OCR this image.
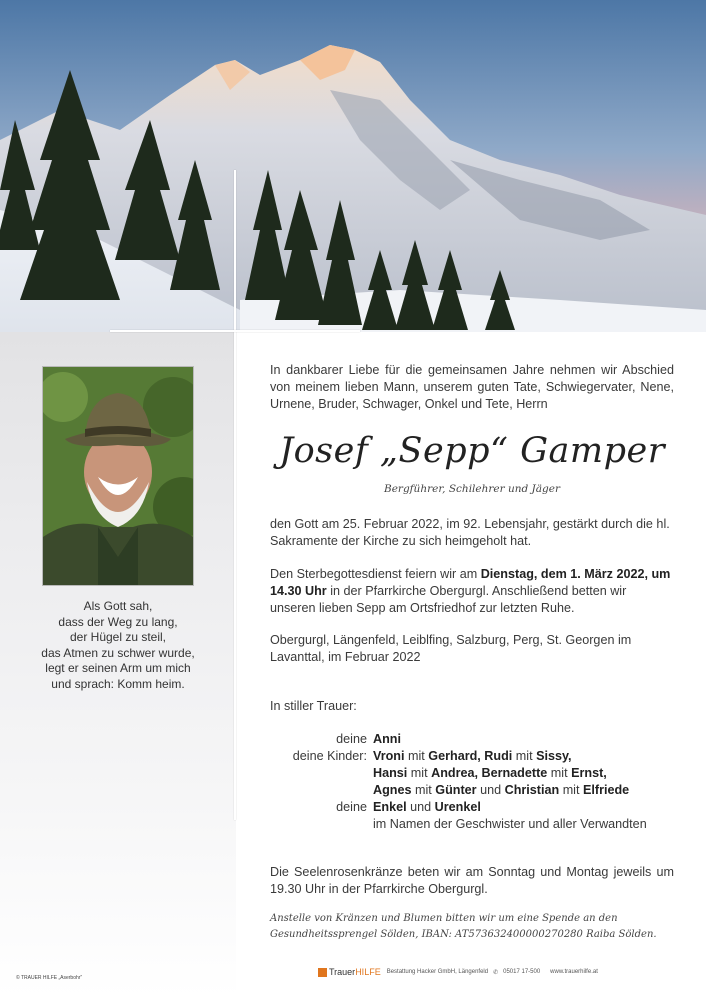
Als Gott sah,
dass der Weg zu lang,
der Hügel zu steil,
das Atmen zu schwer wurde,
legt er seinen Arm um mich
und sprach: Komm heim.

In dankbarer Liebe für die gemeinsamen Jahre nehmen wir Abschied von meinem lieben Mann, unserem guten Tate, Schwiegervater, Nene, Urnene, Bruder, Schwager, Onkel und Tete, Herrn

Josef „Sepp“ Gamper
Bergführer, Schilehrer und Jäger
den Gott am 25. Februar 2022, im 92. Lebensjahr, gestärkt durch die hl. Sakramente der Kirche zu sich heimgeholt hat.
Den Sterbegottesdienst feiern wir am Dienstag, dem 1. März 2022, um 14.30 Uhr in der Pfarrkirche Obergurgl. Anschließend betten wir unseren lieben Sepp am Ortsfriedhof zur letzten Ruhe.
Obergurgl, Längenfeld, Leiblfing, Salzburg, Perg, St. Georgen im Lavanttal, im Februar 2022
In stiller Trauer:
deine Anni
deine Kinder: Vroni mit Gerhard, Rudi mit Sissy,
Hansi mit Andrea, Bernadette mit Ernst,
Agnes mit Günter und Christian mit Elfriede
deine Enkel und Urenkel
im Namen der Geschwister und aller Verwandten
Die Seelenrosenkränze beten wir am Sonntag und Montag jeweils um 19.30 Uhr in der Pfarrkirche Obergurgl.
Anstelle von Kränzen und Blumen bitten wir um eine Spende an den Gesundheitssprengel Sölden, IBAN: AT573632400000270280 Raiba Sölden.
© TRAUER HILFE „Aserbohr“
TrauerHILFE Bestattung Hacker GmbH, Längenfeld ✆ 05017 17-500 www.trauerhilfe.at
